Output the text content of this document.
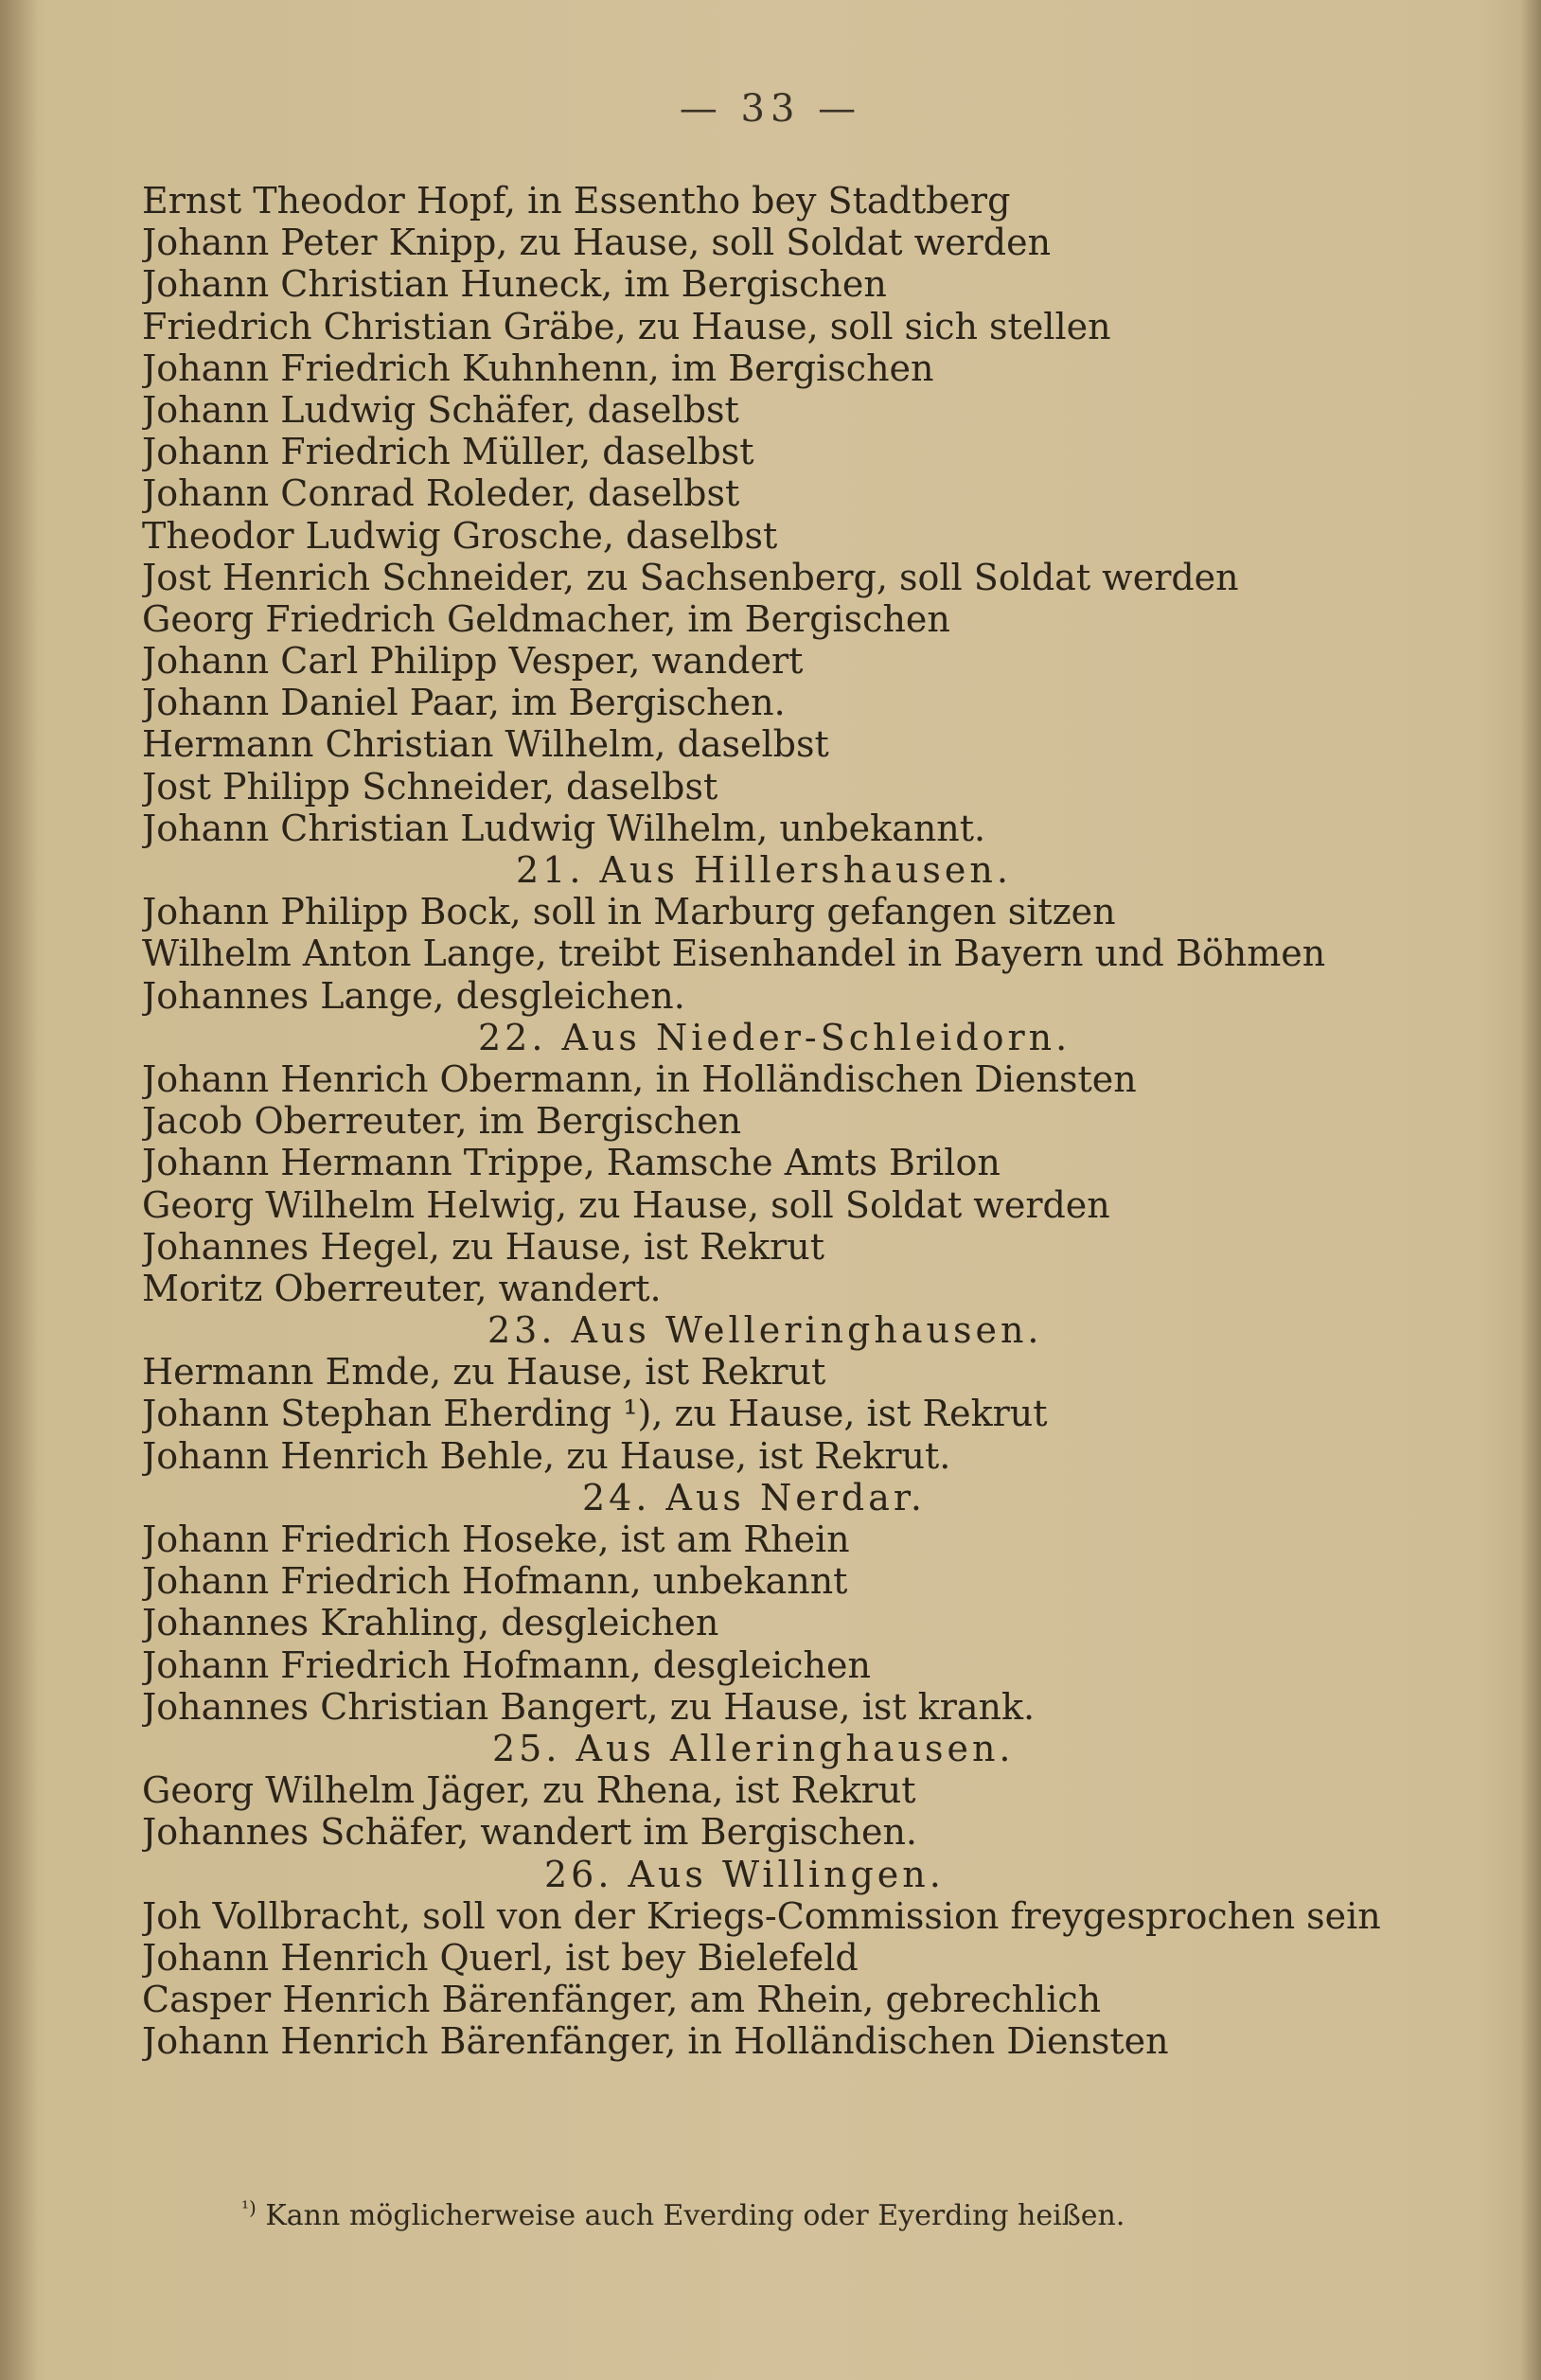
— 33 —
Ernst Theodor Hopf, in Essentho bey Stadtberg
Johann Peter Knipp, zu Hause, soll Soldat werden
Johann Christian Huneck, im Bergischen
Friedrich Christian Gräbe, zu Hause, soll sich stellen
Johann Friedrich Kuhnhenn, im Bergischen
Johann Ludwig Schäfer, daselbst
Johann Friedrich Müller, daselbst
Johann Conrad Roleder, daselbst
Theodor Ludwig Grosche, daselbst
Jost Henrich Schneider, zu Sachsenberg, soll Soldat werden
Georg Friedrich Geldmacher, im Bergischen
Johann Carl Philipp Vesper, wandert
Johann Daniel Paar, im Bergischen.
Hermann Christian Wilhelm, daselbst
Jost Philipp Schneider, daselbst
Johann Christian Ludwig Wilhelm, unbekannt.
21. Aus Hillershausen.
Johann Philipp Bock, soll in Marburg gefangen sitzen
Wilhelm Anton Lange, treibt Eisenhandel in Bayern und Böhmen
Johannes Lange, desgleichen.
22. Aus Nieder-Schleidorn.
Johann Henrich Obermann, in Holländischen Diensten
Jacob Oberreuter, im Bergischen
Johann Hermann Trippe, Ramsche Amts Brilon
Georg Wilhelm Helwig, zu Hause, soll Soldat werden
Johannes Hegel, zu Hause, ist Rekrut
Moritz Oberreuter, wandert.
23. Aus Welleringhausen.
Hermann Emde, zu Hause, ist Rekrut
Johann Stephan Eherding ¹), zu Hause, ist Rekrut
Johann Henrich Behle, zu Hause, ist Rekrut.
24. Aus Nerdar.
Johann Friedrich Hoseke, ist am Rhein
Johann Friedrich Hofmann, unbekannt
Johannes Krahling, desgleichen
Johann Friedrich Hofmann, desgleichen
Johannes Christian Bangert, zu Hause, ist krank.
25. Aus Alleringhausen.
Georg Wilhelm Jäger, zu Rhena, ist Rekrut
Johannes Schäfer, wandert im Bergischen.
26. Aus Willingen.
Joh Vollbracht, soll von der Kriegs-Commission freygesprochen sein
Johann Henrich Querl, ist bey Bielefeld
Casper Henrich Bärenfänger, am Rhein, gebrechlich
Johann Henrich Bärenfänger, in Holländischen Diensten
$^{^1)}$ Kann möglicherweise auch Everding oder Eyerding heißen.
